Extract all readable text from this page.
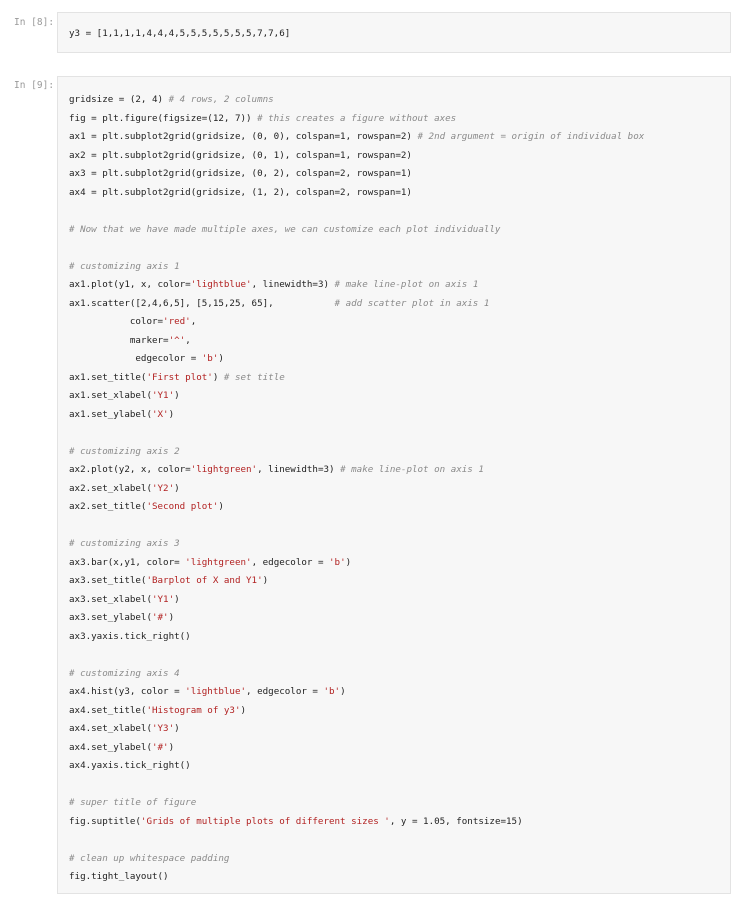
In [8]:
y3 = [1,1,1,1,4,4,4,5,5,5,5,5,5,5,7,7,6]
In [9]:
gridsize = (2, 4) # 4 rows, 2 columns
fig = plt.figure(figsize=(12, 7)) # this creates a figure without axes
ax1 = plt.subplot2grid(gridsize, (0, 0), colspan=1, rowspan=2) # 2nd argument = origin of individual box
ax2 = plt.subplot2grid(gridsize, (0, 1), colspan=1, rowspan=2)
ax3 = plt.subplot2grid(gridsize, (0, 2), colspan=2, rowspan=1)
ax4 = plt.subplot2grid(gridsize, (1, 2), colspan=2, rowspan=1)
# Now that we have made multiple axes, we can customize each plot individually
# customizing axis 1
ax1.plot(y1, x, color='lightblue', linewidth=3) # make line-plot on axis 1
ax1.scatter([2,4,6,5], [5,15,25, 65],           # add scatter plot in axis 1
color='red',
marker='^',
edgecolor = 'b')
ax1.set_title('First plot') # set title
ax1.set_xlabel('Y1')
ax1.set_ylabel('X')
# customizing axis 2
ax2.plot(y2, x, color='lightgreen', linewidth=3) # make line-plot on axis 1
ax2.set_xlabel('Y2')
ax2.set_title('Second plot')
# customizing axis 3
ax3.bar(x,y1, color= 'lightgreen', edgecolor = 'b')
ax3.set_title('Barplot of X and Y1')
ax3.set_xlabel('Y1')
ax3.set_ylabel('#')
ax3.yaxis.tick_right()
# customizing axis 4
ax4.hist(y3, color = 'lightblue', edgecolor = 'b')
ax4.set_title('Histogram of y3')
ax4.set_xlabel('Y3')
ax4.set_ylabel('#')
ax4.yaxis.tick_right()
# super title of figure
fig.suptitle('Grids of multiple plots of different sizes ', y = 1.05, fontsize=15)
# clean up whitespace padding
fig.tight_layout()
